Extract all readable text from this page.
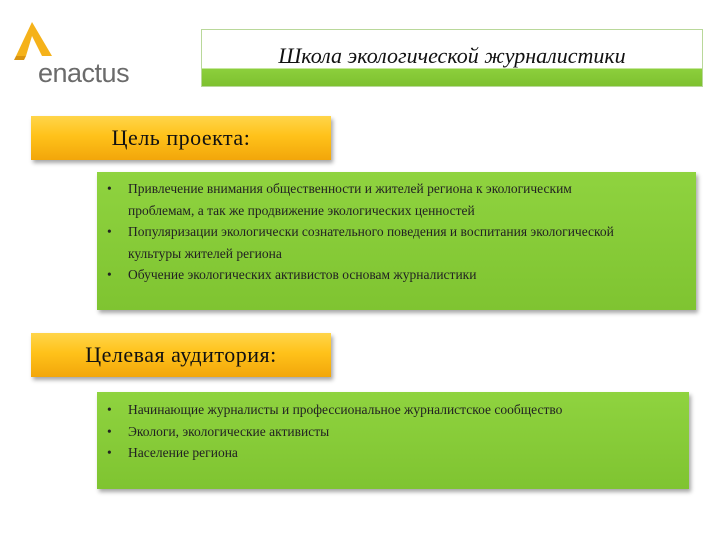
enactus
Школа экологической журналистики
Цель проекта:
• Привлечение внимания общественности и жителей региона к экологическим проблемам, а так же продвижение экологических ценностей
• Популяризации экологически сознательного поведения и воспитания экологической культуры жителей региона
• Обучение экологических активистов основам журналистики
Целевая аудитория:
• Начинающие журналисты и профессиональное журналистское сообщество
• Экологи, экологические активисты
• Население региона
